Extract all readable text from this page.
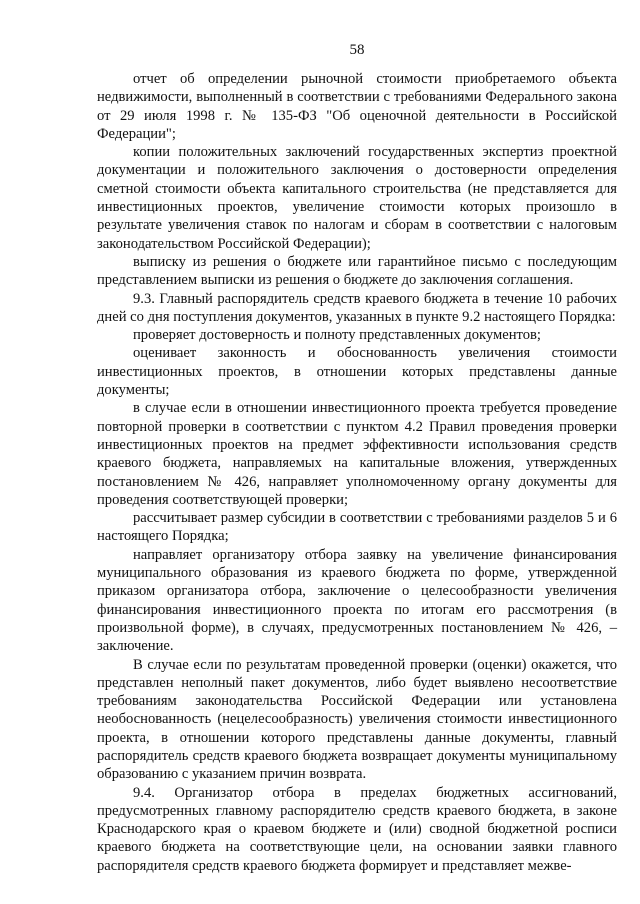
58

отчет об определении рыночной стоимости приобретаемого объекта недвижимости, выполненный в соответствии с требованиями Федерального закона от 29 июля 1998 г. № 135-ФЗ "Об оценочной деятельности в Российской Федерации";

копии положительных заключений государственных экспертиз проектной документации и положительного заключения о достоверности определения сметной стоимости объекта капитального строительства (не представляется для инвестиционных проектов, увеличение стоимости которых произошло в результате увеличения ставок по налогам и сборам в соответствии с налоговым законодательством Российской Федерации);

выписку из решения о бюджете или гарантийное письмо с последующим представлением выписки из решения о бюджете до заключения соглашения.

9.3. Главный распорядитель средств краевого бюджета в течение 10 рабочих дней со дня поступления документов, указанных в пункте 9.2 настоящего Порядка:

проверяет достоверность и полноту представленных документов;

оценивает законность и обоснованность увеличения стоимости инвестиционных проектов, в отношении которых представлены данные документы;

в случае если в отношении инвестиционного проекта требуется проведение повторной проверки в соответствии с пунктом 4.2 Правил проведения проверки инвестиционных проектов на предмет эффективности использования средств краевого бюджета, направляемых на капитальные вложения, утвержденных постановлением № 426, направляет уполномоченному органу документы для проведения соответствующей проверки;

рассчитывает размер субсидии в соответствии с требованиями разделов 5 и 6 настоящего Порядка;

направляет организатору отбора заявку на увеличение финансирования муниципального образования из краевого бюджета по форме, утвержденной приказом организатора отбора, заключение о целесообразности увеличения финансирования инвестиционного проекта по итогам его рассмотрения (в произвольной форме), в случаях, предусмотренных постановлением № 426, – заключение.

В случае если по результатам проведенной проверки (оценки) окажется, что представлен неполный пакет документов, либо будет выявлено несоответствие требованиям законодательства Российской Федерации или установлена необоснованность (нецелесообразность) увеличения стоимости инвестиционного проекта, в отношении которого представлены данные документы, главный распорядитель средств краевого бюджета возвращает документы муниципальному образованию с указанием причин возврата.

9.4. Организатор отбора в пределах бюджетных ассигнований, предусмотренных главному распорядителю средств краевого бюджета, в законе Краснодарского края о краевом бюджете и (или) сводной бюджетной росписи краевого бюджета на соответствующие цели, на основании заявки главного распорядителя средств краевого бюджета формирует и представляет межве-
